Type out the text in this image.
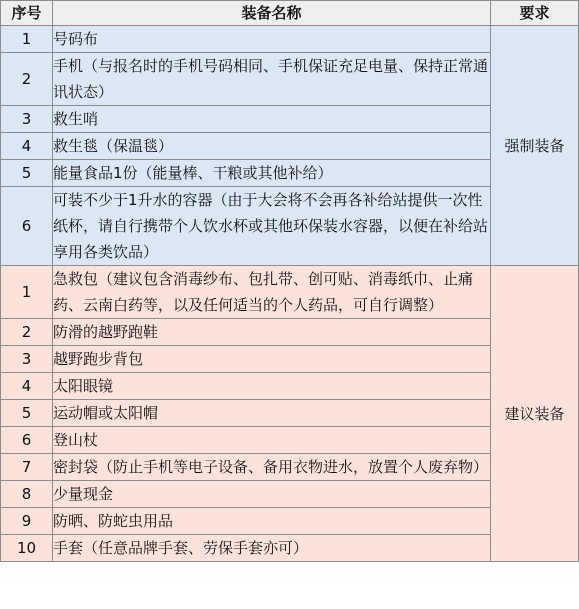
序号	装备名称	要求
1	号码布	强制装备
2	手机（与报名时的手机号码相同、手机保证充足电量、保持正常通讯状态）	
3	救生哨	
4	救生毯（保温毯）	
5	能量食品1份（能量棒、干粮或其他补给）	
6	可装不少于1升水的容器（由于大会将不会再各补给站提供一次性纸杯，请自行携带个人饮水杯或其他环保装水容器，以便在补给站享用各类饮品）	
1	急救包（建议包含消毒纱布、包扎带、创可贴、消毒纸巾、止痛药、云南白药等，以及任何适当的个人药品，可自行调整）	建议装备
2	防滑的越野跑鞋	
3	越野跑步背包	
4	太阳眼镜	
5	运动帽或太阳帽	
6	登山杖	
7	密封袋（防止手机等电子设备、备用衣物进水，放置个人废弃物）	
8	少量现金	
9	防晒、防蛇虫用品	
10	手套（任意品牌手套、劳保手套亦可）	
